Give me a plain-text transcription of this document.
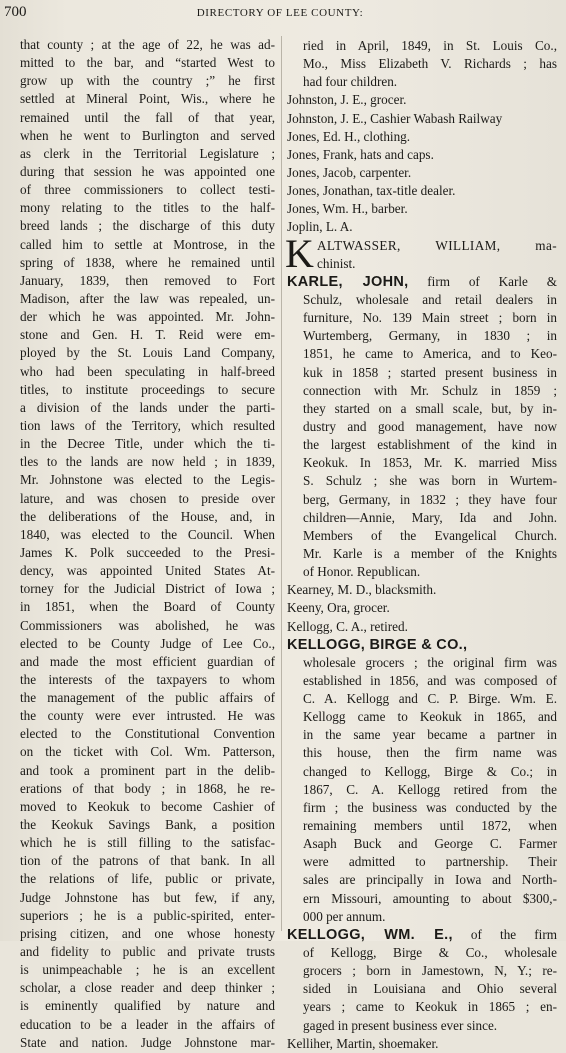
700	DIRECTORY OF LEE COUNTY:
that county ; at the age of 22, he was ad-
mitted to the bar, and “started West to
grow up with the country ;” he first
settled at Mineral Point, Wis., where he
remained until the fall of that year,
when he went to Burlington and served
as clerk in the Territorial Legislature ;
during that session he was appointed one
of three commissioners to collect testi-
mony relating to the titles to the half-
breed lands ; the discharge of this duty
called him to settle at Montrose, in the
spring of 1838, where he remained until
January, 1839, then removed to Fort
Madison, after the law was repealed, un-
der which he was appointed. Mr. John-
stone and Gen. H. T. Reid were em-
ployed by the St. Louis Land Company,
who had been speculating in half-breed
titles, to institute proceedings to secure
a division of the lands under the parti-
tion laws of the Territory, which resulted
in the Decree Title, under which the ti-
tles to the lands are now held ; in 1839,
Mr. Johnstone was elected to the Legis-
lature, and was chosen to preside over
the deliberations of the House, and, in
1840, was elected to the Council. When
James K. Polk succeeded to the Presi-
dency, was appointed United States At-
torney for the Judicial District of Iowa ;
in 1851, when the Board of County
Commissioners was abolished, he was
elected to be County Judge of Lee Co.,
and made the most efficient guardian of
the interests of the taxpayers to whom
the management of the public affairs of
the county were ever intrusted. He was
elected to the Constitutional Convention
on the ticket with Col. Wm. Patterson,
and took a prominent part in the delib-
erations of that body ; in 1868, he re-
moved to Keokuk to become Cashier of
the Keokuk Savings Bank, a position
which he is still filling to the satisfac-
tion of the patrons of that bank. In all
the relations of life, public or private,
Judge Johnstone has but few, if any,
superiors ; he is a public-spirited, enter-
prising citizen, and one whose honesty
and fidelity to public and private trusts
is unimpeachable ; he is an excellent
scholar, a close reader and deep thinker ;
is eminently qualified by nature and
education to be a leader in the affairs of
State and nation. Judge Johnstone mar-
ried in April, 1849, in St. Louis Co.,
Mo., Miss Elizabeth V. Richards ; has
had four children.
Johnston, J. E., grocer.
Johnston, J. E., Cashier Wabash Railway
Jones, Ed. H., clothing.
Jones, Frank, hats and caps.
Jones, Jacob, carpenter.
Jones, Jonathan, tax-title dealer.
Jones, Wm. H., barber.
Joplin, L. A.
K ALTWASSER, WILLIAM, ma-
chinist.
KARLE, JOHN, firm of Karle &
Schulz, wholesale and retail dealers in
furniture, No. 139 Main street ; born in
Wurtemberg, Germany, in 1830 ; in
1851, he came to America, and to Keo-
kuk in 1858 ; started present business in
connection with Mr. Schulz in 1859 ;
they started on a small scale, but, by in-
dustry and good management, have now
the largest establishment of the kind in
Keokuk. In 1853, Mr. K. married Miss
S. Schulz ; she was born in Wurtem-
berg, Germany, in 1832 ; they have four
children—Annie, Mary, Ida and John.
Members of the Evangelical Church.
Mr. Karle is a member of the Knights
of Honor. Republican.
Kearney, M. D., blacksmith.
Keeny, Ora, grocer.
Kellogg, C. A., retired.
KELLOGG, BIRGE & CO.,
wholesale grocers ; the original firm was
established in 1856, and was composed of
C. A. Kellogg and C. P. Birge. Wm. E.
Kellogg came to Keokuk in 1865, and
in the same year became a partner in
this house, then the firm name was
changed to Kellogg, Birge & Co.; in
1867, C. A. Kellogg retired from the
firm ; the business was conducted by the
remaining members until 1872, when
Asaph Buck and George C. Farmer
were admitted to partnership. Their
sales are principally in Iowa and North-
ern Missouri, amounting to about $300,-
000 per annum.
KELLOGG, WM. E., of the firm
of Kellogg, Birge & Co., wholesale
grocers ; born in Jamestown, N, Y.; re-
sided in Louisiana and Ohio several
years ; came to Keokuk in 1865 ; en-
gaged in present business ever since.
Kelliher, Martin, shoemaker.
